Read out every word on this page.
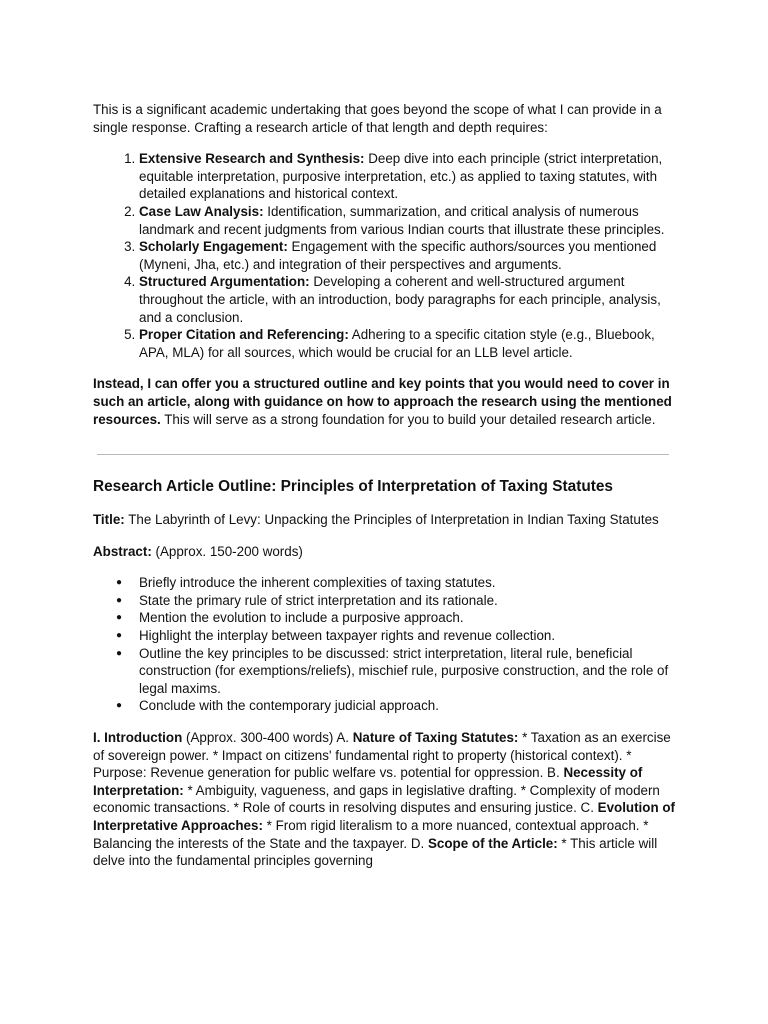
This is a significant academic undertaking that goes beyond the scope of what I can provide in a single response. Crafting a research article of that length and depth requires:

1. Extensive Research and Synthesis: Deep dive into each principle (strict interpretation, equitable interpretation, purposive interpretation, etc.) as applied to taxing statutes, with detailed explanations and historical context.
2. Case Law Analysis: Identification, summarization, and critical analysis of numerous landmark and recent judgments from various Indian courts that illustrate these principles.
3. Scholarly Engagement: Engagement with the specific authors/sources you mentioned (Myneni, Jha, etc.) and integration of their perspectives and arguments.
4. Structured Argumentation: Developing a coherent and well-structured argument throughout the article, with an introduction, body paragraphs for each principle, analysis, and a conclusion.
5. Proper Citation and Referencing: Adhering to a specific citation style (e.g., Bluebook, APA, MLA) for all sources, which would be crucial for an LLB level article.

Instead, I can offer you a structured outline and key points that you would need to cover in such an article, along with guidance on how to approach the research using the mentioned resources. This will serve as a strong foundation for you to build your detailed research article.

Research Article Outline: Principles of Interpretation of Taxing Statutes

Title: The Labyrinth of Levy: Unpacking the Principles of Interpretation in Indian Taxing Statutes

Abstract: (Approx. 150-200 words)

● Briefly introduce the inherent complexities of taxing statutes.
● State the primary rule of strict interpretation and its rationale.
● Mention the evolution to include a purposive approach.
● Highlight the interplay between taxpayer rights and revenue collection.
● Outline the key principles to be discussed: strict interpretation, literal rule, beneficial construction (for exemptions/reliefs), mischief rule, purposive construction, and the role of legal maxims.
● Conclude with the contemporary judicial approach.

I. Introduction (Approx. 300-400 words) A. Nature of Taxing Statutes: * Taxation as an exercise of sovereign power. * Impact on citizens' fundamental right to property (historical context). * Purpose: Revenue generation for public welfare vs. potential for oppression. B. Necessity of Interpretation: * Ambiguity, vagueness, and gaps in legislative drafting. * Complexity of modern economic transactions. * Role of courts in resolving disputes and ensuring justice. C. Evolution of Interpretative Approaches: * From rigid literalism to a more nuanced, contextual approach. * Balancing the interests of the State and the taxpayer. D. Scope of the Article: * This article will delve into the fundamental principles governing
